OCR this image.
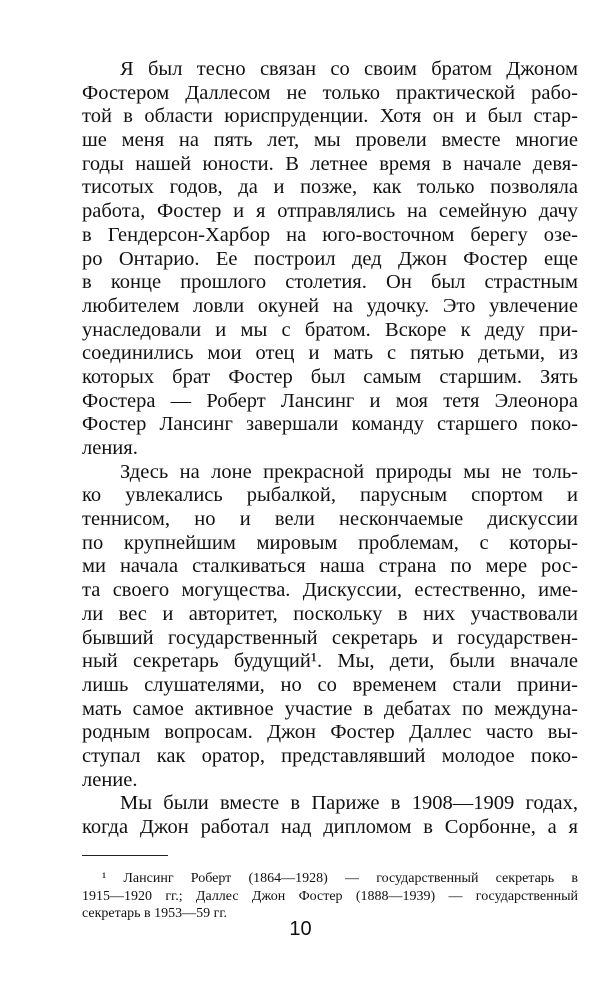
Я был тесно связан со своим братом Джоном
Фостером Даллесом не только практической рабо-
той в области юриспруденции. Хотя он и был стар-
ше меня на пять лет, мы провели вместе многие
годы нашей юности. В летнее время в начале девя-
тисотых годов, да и позже, как только позволяла
работа, Фостер и я отправлялись на семейную дачу
в Гендерсон-Харбор на юго-восточном берегу озе-
ро Онтарио. Ее построил дед Джон Фостер еще
в конце прошлого столетия. Он был страстным
любителем ловли окуней на удочку. Это увлечение
унаследовали и мы с братом. Вскоре к деду при-
соединились мои отец и мать с пятью детьми, из
которых брат Фостер был самым старшим. Зять
Фостера — Роберт Лансинг и моя тетя Элеонора
Фостер Лансинг завершали команду старшего поко-
ления.
Здесь на лоне прекрасной природы мы не толь-
ко увлекались рыбалкой, парусным спортом и
теннисом, но и вели нескончаемые дискуссии
по крупнейшим мировым проблемам, с которы-
ми начала сталкиваться наша страна по мере рос-
та своего могущества. Дискуссии, естественно, име-
ли вес и авторитет, поскольку в них участвовали
бывший государственный секретарь и государствен-
ный секретарь будущий¹. Мы, дети, были вначале
лишь слушателями, но со временем стали прини-
мать самое активное участие в дебатах по междуна-
родным вопросам. Джон Фостер Даллес часто вы-
ступал как оратор, представлявший молодое поко-
ление.
Мы были вместе в Париже в 1908—1909 годах,
когда Джон работал над дипломом в Сорбонне, а я
¹ Лансинг Роберт (1864—1928) — государственный секретарь в
1915—1920 гг.; Даллес Джон Фостер (1888—1939) — государственный
секретарь в 1953—59 гг.
10
